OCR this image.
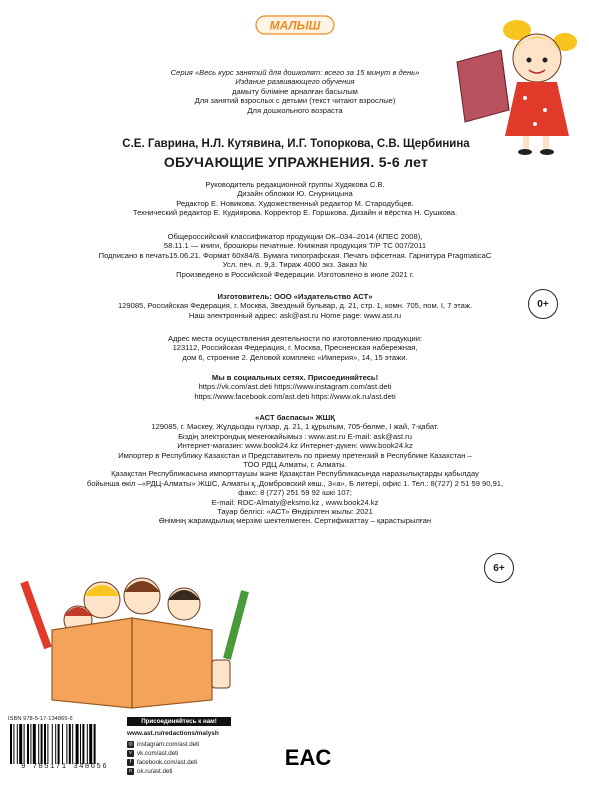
МАЛЫШ
Серия «Весь курс занятий для дошколят: всего за 15 минут в день»
Издание развивающего обучения
дамыту біліміне арналған басылым
Для занятий взрослых с детьми (текст читают взрослые)
Для дошкольного возраста
С.Е. Гаврина, Н.Л. Кутявина, И.Г. Топоркова, С.В. Щербинина
ОБУЧАЮЩИЕ УПРАЖНЕНИЯ. 5-6 лет
Руководитель редакционной группы Худякова С.В.
Дизайн обложки Ю. Снурницына
Редактор Е. Новикова. Художественный редактор М. Стародубцев.
Технический редактор Е. Кудиярова. Корректор Е. Горшкова. Дизайн и вёрстка Н. Сушкова.
Общероссийский классификатор продукции ОК–034–2014 (КПЕС 2008),
58.11.1 — книги, брошюры печатные. Книжная продукция Т/Р ТС 007/2011
Подписано в печать15.06.21. Формат 60х84/8. Бумага типографская. Печать офсетная. Гарнитура PragmaticaC
Усл. печ. л. 9,3. Тираж 4000 экз. Заказ №
Произведено в Российской Федерации. Изготовлено в июле 2021 г.
Изготовитель: ООО «Издательство АСТ»
129085, Российская Федерация, г. Москва, Звездный бульвар, д. 21, стр. 1, комн. 705, пом. I, 7 этаж.
Наш электронный адрес: ask@ast.ru Home page: www.ast.ru
0+
Адрес места осуществления деятельности по изготовлению продукции:
123112, Российская Федерация, г. Москва, Пресненская набережная,
дом 6, строение 2. Деловой комплекс «Империя», 14, 15 этажи.
Мы в социальных сетях. Присоединяйтесь!
https://vk.com/ast.deti https://www.instagram.com/ast.deti
https://www.facebook.com/ast.deti https://www.ok.ru/ast.deti
«АСТ баспасы» ЖШҚ
129085, г. Мәскеу, Жұлдызды гүлзар, д. 21, 1 құрылым, 705-бөлме, I жай, 7-қабат.
Біздің электрондық мекенжайымыз : www.ast.ru E-mail: ask@ast.ru
Интернет-магазин: www.book24.kz Интернет-дүкен: www.book24.kz
Импортер в Республику Казахстан и Представитель по приему претензий в Республике Казахстан –
ТОО РДЦ Алматы, г. Алматы.
Қазақстан Республикасына импорттаушы және Қазақстан Республикасында наразылықтарды қабылдау
бойынша өкіл –«РДЦ-Алматы» ЖШС, Алматы қ.,Домбровский көш., 3«а», Б литері, офис 1. Тел.: 8(727) 2 51 59 90,91,
факс: 8 (727) 251 59 92 ішкі 107;
E-mail: RDC-Almaty@eksmo.kz , www.book24.kz
Тауар белгісі: «АСТ» Өндірілген жылы: 2021
Өнімнің жарамдылық мерзімі шектелмеген. Сертификаттау – қарастырылған
6+
ISBN 978-5-17-134865-6
9 785171 348656
Присоединяйтесь к нам!
www.ast.ru/redactions/malysh
◎ instagram.com/ast.deti
v vk.com/ast.deti
f facebook.com/ast.deti
o ok.ru/ast.deti
EAC
